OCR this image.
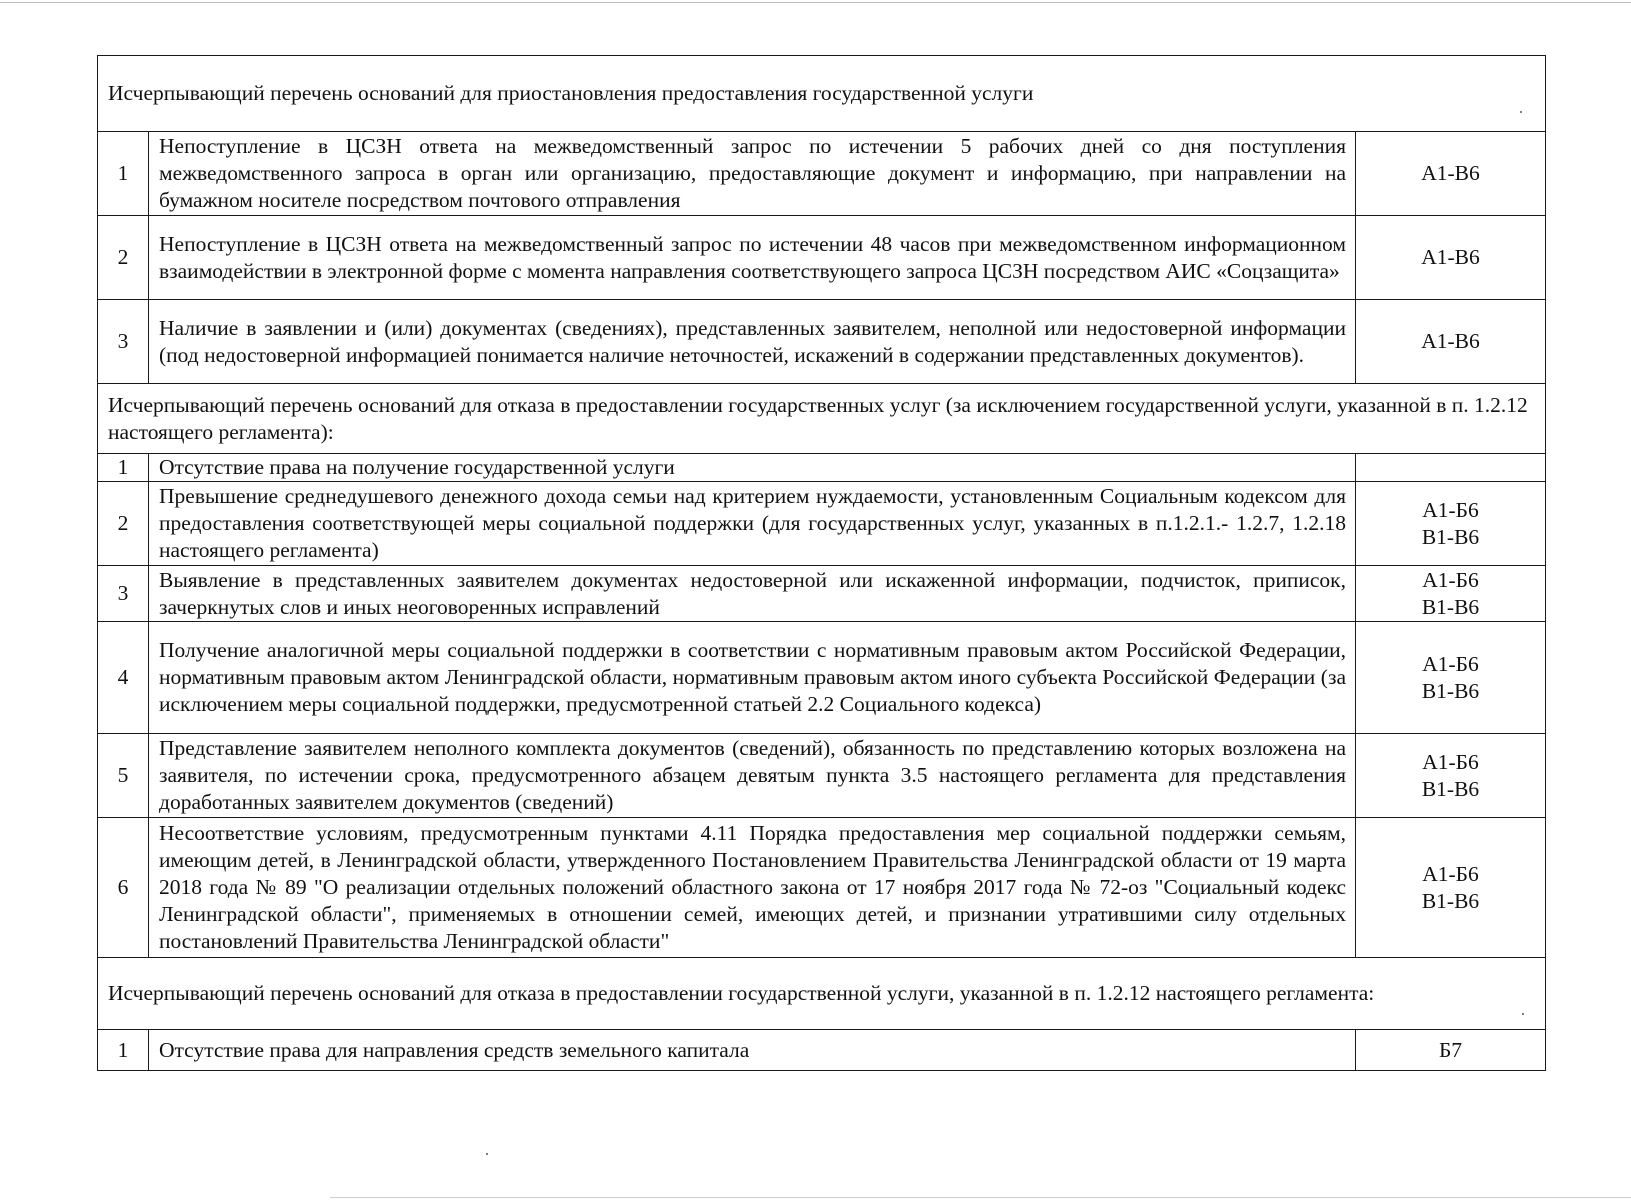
Исчерпывающий перечень оснований для приостановления предоставления государственной услуги		
1	Непоступление в ЦСЗН ответа на межведомственный запрос по истечении 5 рабочих дней со дня поступления межведомственного запроса в орган или организацию, предоставляющие документ и информацию, при направлении на бумажном носителе посредством почтового отправления	А1-В6

2	Непоступление в ЦСЗН ответа на межведомственный запрос по истечении 48 часов при межведомственном информационном взаимодействии в электронной форме с момента направления соответствующего запроса ЦСЗН посредством АИС «Соцзащита»	А1-В6

3	Наличие в заявлении и (или) документах (сведениях), представленных заявителем, неполной или недостоверной информации (под недостоверной информацией понимается наличие неточностей, искажений в содержании представленных документов).	А1-В6

Исчерпывающий перечень оснований для отказа в предоставлении государственных услуг (за исключением государственной услуги, указанной в п. 1.2.12 настоящего регламента):		
1	Отсутствие права на получение государственной услуги	
2	Превышение среднедушевого денежного дохода семьи над критерием нуждаемости, установленным Социальным кодексом для предоставления соответствующей меры социальной поддержки (для государственных услуг, указанных в п.1.2.1.- 1.2.7, 1.2.18 настоящего регламента)	А1-Б6
В1-В6

3	Выявление в представленных заявителем документах недостоверной или искаженной информации, подчисток, приписок, зачеркнутых слов и иных неоговоренных исправлений	А1-Б6
В1-В6

4	Получение аналогичной меры социальной поддержки в соответствии с нормативным правовым актом Российской Федерации, нормативным правовым актом Ленинградской области, нормативным правовым актом иного субъекта Российской Федерации (за исключением меры социальной поддержки, предусмотренной статьей 2.2 Социального кодекса)	А1-Б6
В1-В6

5	Представление заявителем неполного комплекта документов (сведений), обязанность по представлению которых возложена на заявителя, по истечении срока, предусмотренного абзацем девятым пункта 3.5 настоящего регламента для представления доработанных заявителем документов (сведений)	А1-Б6
В1-В6

6	Несоответствие условиям, предусмотренным пунктами 4.11 Порядка предоставления мер социальной поддержки семьям, имеющим детей, в Ленинградской области, утвержденного Постановлением Правительства Ленинградской области от 19 марта 2018 года № 89 "О реализации отдельных положений областного закона от 17 ноября 2017 года № 72-оз "Социальный кодекс Ленинградской области", применяемых в отношении семей, имеющих детей, и признании утратившими силу отдельных постановлений Правительства Ленинградской области"	А1-Б6
В1-В6

Исчерпывающий перечень оснований для отказа в предоставлении государственной услуги, указанной в п. 1.2.12 настоящего регламента:		
1	Отсутствие права для направления средств земельного капитала	Б7
